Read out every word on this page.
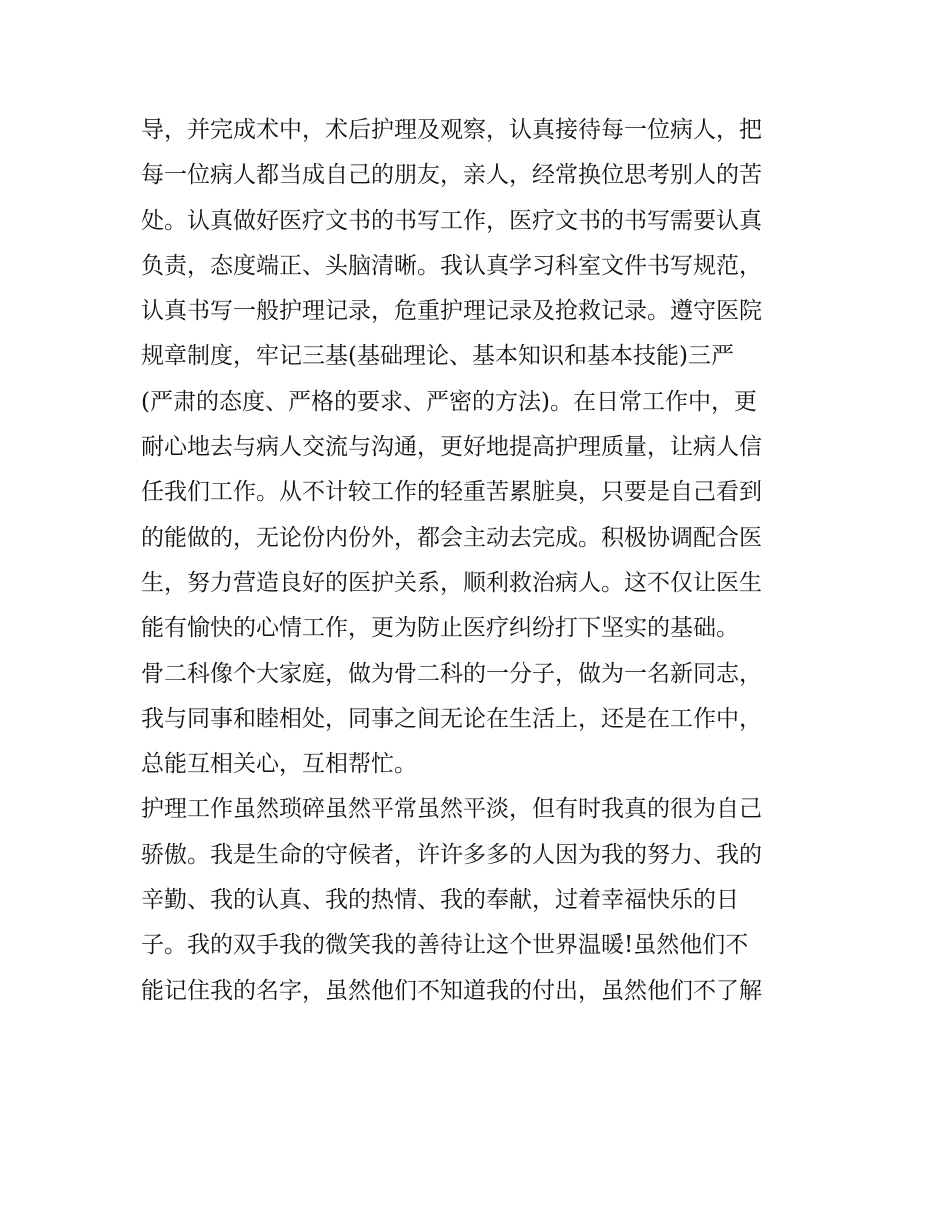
导，并完成术中，术后护理及观察，认真接待每一位病人，把
每一位病人都当成自己的朋友，亲人，经常换位思考别人的苦
处。认真做好医疗文书的书写工作，医疗文书的书写需要认真
负责，态度端正、头脑清晰。我认真学习科室文件书写规范，
认真书写一般护理记录，危重护理记录及抢救记录。遵守医院
规章制度，牢记三基(基础理论、基本知识和基本技能)三严
(严肃的态度、严格的要求、严密的方法)。在日常工作中，更
耐心地去与病人交流与沟通，更好地提高护理质量，让病人信
任我们工作。从不计较工作的轻重苦累脏臭，只要是自己看到
的能做的，无论份内份外，都会主动去完成。积极协调配合医
生，努力营造良好的医护关系，顺利救治病人。这不仅让医生
能有愉快的心情工作，更为防止医疗纠纷打下坚实的基础。
骨二科像个大家庭，做为骨二科的一分子，做为一名新同志，
我与同事和睦相处，同事之间无论在生活上，还是在工作中，
总能互相关心，互相帮忙。
护理工作虽然琐碎虽然平常虽然平淡，但有时我真的很为自己
骄傲。我是生命的守候者，许许多多的人因为我的努力、我的
辛勤、我的认真、我的热情、我的奉献，过着幸福快乐的日
子。我的双手我的微笑我的善待让这个世界温暖!虽然他们不
能记住我的名字，虽然他们不知道我的付出，虽然他们不了解
